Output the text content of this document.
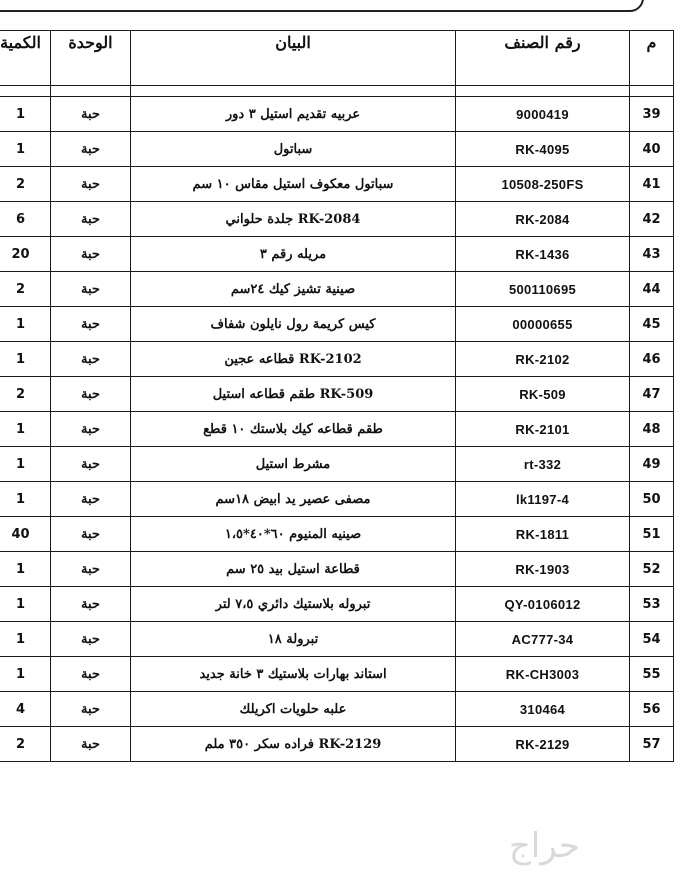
م	رقم الصنف	البيان	الوحدة	الكمية

39	9000419	عربيه تقديم استيل ٣ دور	حبة	1
40	RK-4095	سباتول	حبة	1
41	10508-250FS	سباتول معكوف استيل مقاس ١٠ سم	حبة	2
42	RK-2084	RK-2084 جلدة حلواني	حبة	6
43	RK-1436	مريله رقم ٣	حبة	20
44	500110695	صينية تشيز كيك ٢٤سم	حبة	2
45	00000655	كيس كريمة رول نايلون شفاف	حبة	1
46	RK-2102	RK-2102 قطاعه عجين	حبة	1
47	RK-509	RK-509 طقم قطاعه استيل	حبة	2
48	RK-2101	طقم قطاعه كيك بلاستك ١٠ قطع	حبة	1
49	rt-332	مشرط استيل	حبة	1
50	lk1197-4	مصفى عصير يد ابيض ١٨سم	حبة	1
51	RK-1811	صينيه المنيوم ٦٠*٤٠*١،٥	حبة	40
52	RK-1903	قطاعة استيل بيد ٢٥ سم	حبة	1
53	QY-0106012	تبروله بلاستيك دائري ٧،٥ لتر	حبة	1
54	AC777-34	تبرولة ١٨	حبة	1
55	RK-CH3003	استاند بهارات بلاستيك ٣ خانة جديد	حبة	1
56	310464	علبه حلويات اكريلك	حبة	4
57	RK-2129	RK-2129 فراده سكر ٣٥٠ ملم	حبة	2
حراج
